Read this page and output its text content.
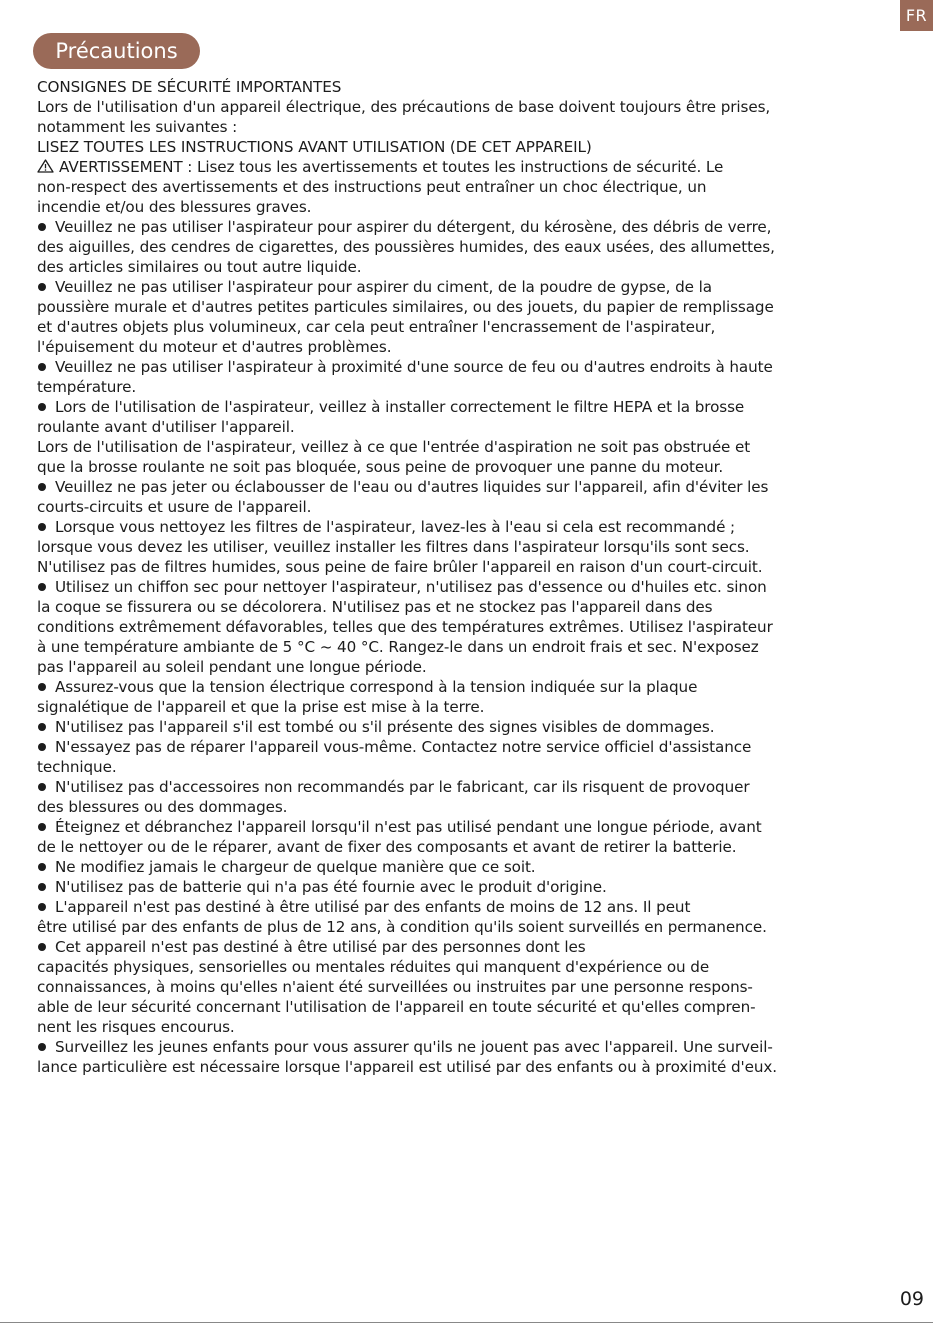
FR
Précautions
CONSIGNES DE SÉCURITÉ IMPORTANTES
Lors de l'utilisation d'un appareil électrique, des précautions de base doivent toujours être prises,
notamment les suivantes :
LISEZ TOUTES LES INSTRUCTIONS AVANT UTILISATION (DE CET APPAREIL)
AVERTISSEMENT : Lisez tous les avertissements et toutes les instructions de sécurité. Le
non-respect des avertissements et des instructions peut entraîner un choc électrique, un
incendie et/ou des blessures graves.
Veuillez ne pas utiliser l'aspirateur pour aspirer du détergent, du kérosène, des débris de verre,
des aiguilles, des cendres de cigarettes, des poussières humides, des eaux usées, des allumettes,
des articles similaires ou tout autre liquide.
Veuillez ne pas utiliser l'aspirateur pour aspirer du ciment, de la poudre de gypse, de la
poussière murale et d'autres petites particules similaires, ou des jouets, du papier de remplissage
et d'autres objets plus volumineux, car cela peut entraîner l'encrassement de l'aspirateur,
l'épuisement du moteur et d'autres problèmes.
Veuillez ne pas utiliser l'aspirateur à proximité d'une source de feu ou d'autres endroits à haute
température.
Lors de l'utilisation de l'aspirateur, veillez à installer correctement le filtre HEPA et la brosse
roulante avant d'utiliser l'appareil.
Lors de l'utilisation de l'aspirateur, veillez à ce que l'entrée d'aspiration ne soit pas obstruée et
que la brosse roulante ne soit pas bloquée, sous peine de provoquer une panne du moteur.
Veuillez ne pas jeter ou éclabousser de l'eau ou d'autres liquides sur l'appareil, afin d'éviter les
courts-circuits et usure de l'appareil.
Lorsque vous nettoyez les filtres de l'aspirateur, lavez-les à l'eau si cela est recommandé ;
lorsque vous devez les utiliser, veuillez installer les filtres dans l'aspirateur lorsqu'ils sont secs.
N'utilisez pas de filtres humides, sous peine de faire brûler l'appareil en raison d'un court-circuit.
Utilisez un chiffon sec pour nettoyer l'aspirateur, n'utilisez pas d'essence ou d'huiles etc. sinon
la coque se fissurera ou se décolorera. N'utilisez pas et ne stockez pas l'appareil dans des
conditions extrêmement défavorables, telles que des températures extrêmes. Utilisez l'aspirateur
à une température ambiante de 5 °C ~ 40 °C. Rangez-le dans un endroit frais et sec. N'exposez
pas l'appareil au soleil pendant une longue période.
Assurez-vous que la tension électrique correspond à la tension indiquée sur la plaque
signalétique de l'appareil et que la prise est mise à la terre.
N'utilisez pas l'appareil s'il est tombé ou s'il présente des signes visibles de dommages.
N'essayez pas de réparer l'appareil vous-même. Contactez notre service officiel d'assistance
technique.
N'utilisez pas d'accessoires non recommandés par le fabricant, car ils risquent de provoquer
des blessures ou des dommages.
Éteignez et débranchez l'appareil lorsqu'il n'est pas utilisé pendant une longue période, avant
de le nettoyer ou de le réparer, avant de fixer des composants et avant de retirer la batterie.
Ne modifiez jamais le chargeur de quelque manière que ce soit.
N'utilisez pas de batterie qui n'a pas été fournie avec le produit d'origine.
L'appareil n'est pas destiné à être utilisé par des enfants de moins de 12 ans. Il peut
être utilisé par des enfants de plus de 12 ans, à condition qu'ils soient surveillés en permanence.
Cet appareil n'est pas destiné à être utilisé par des personnes dont les
capacités physiques, sensorielles ou mentales réduites qui manquent d'expérience ou de
connaissances, à moins qu'elles n'aient été surveillées ou instruites par une personne respons-
able de leur sécurité concernant l'utilisation de l'appareil en toute sécurité et qu'elles compren-
nent les risques encourus.
Surveillez les jeunes enfants pour vous assurer qu'ils ne jouent pas avec l'appareil. Une surveil-
lance particulière est nécessaire lorsque l'appareil est utilisé par des enfants ou à proximité d'eux.
09
